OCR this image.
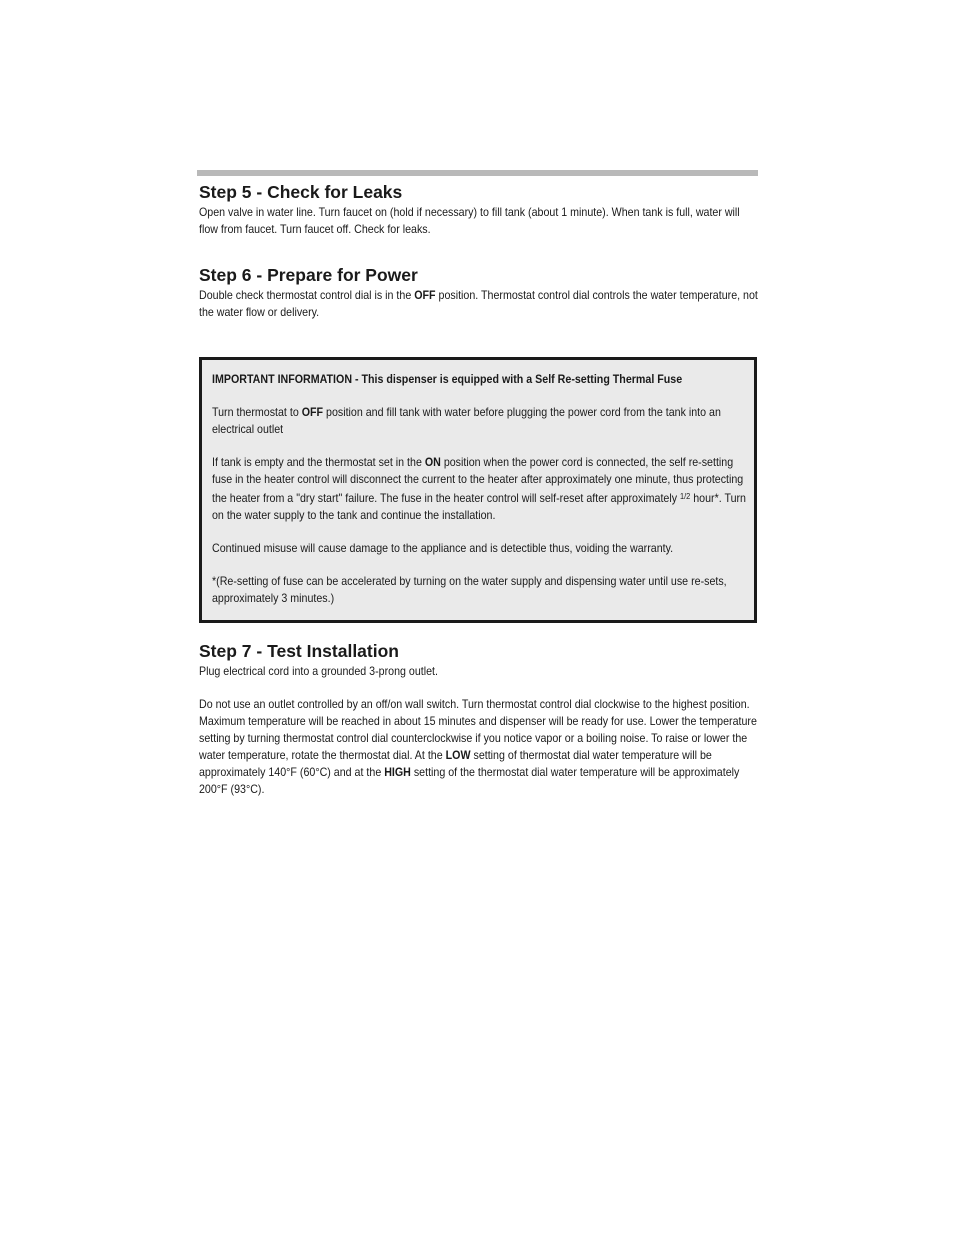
Step 5 - Check for Leaks

Open valve in water line. Turn faucet on (hold if necessary) to fill tank (about 1 minute). When tank is full, water will flow from faucet. Turn faucet off. Check for leaks.

Step 6 - Prepare for Power

Double check thermostat control dial is in the OFF position. Thermostat control dial controls the water temperature, not the water flow or delivery.

IMPORTANT INFORMATION - This dispenser is equipped with a Self Re-setting Thermal Fuse

Turn thermostat to OFF position and fill tank with water before plugging the power cord from the tank into an electrical outlet

If tank is empty and the thermostat set in the ON position when the power cord is connected, the self re-setting fuse in the heater control will disconnect the current to the heater after approximately one minute, thus protecting the heater from a "dry start" failure. The fuse in the heater control will self-reset after approximately $^{1/2}$ hour*. Turn on the water supply to the tank and continue the installation.

Continued misuse will cause damage to the appliance and is detectible thus, voiding the warranty.

*(Re-setting of fuse can be accelerated by turning on the water supply and dispensing water until use re-sets, approximately 3 minutes.)

Step 7 - Test Installation

Plug electrical cord into a grounded 3-prong outlet.

Do not use an outlet controlled by an off/on wall switch. Turn thermostat control dial clockwise to the highest position. Maximum temperature will be reached in about 15 minutes and dispenser will be ready for use. Lower the temperature setting by turning thermostat control dial counterclockwise if you notice vapor or a boiling noise. To raise or lower the water temperature, rotate the thermostat dial. At the LOW setting of thermostat dial water temperature will be approximately 140°F (60°C) and at the HIGH setting of the thermostat dial water temperature will be approximately 200°F (93°C).
